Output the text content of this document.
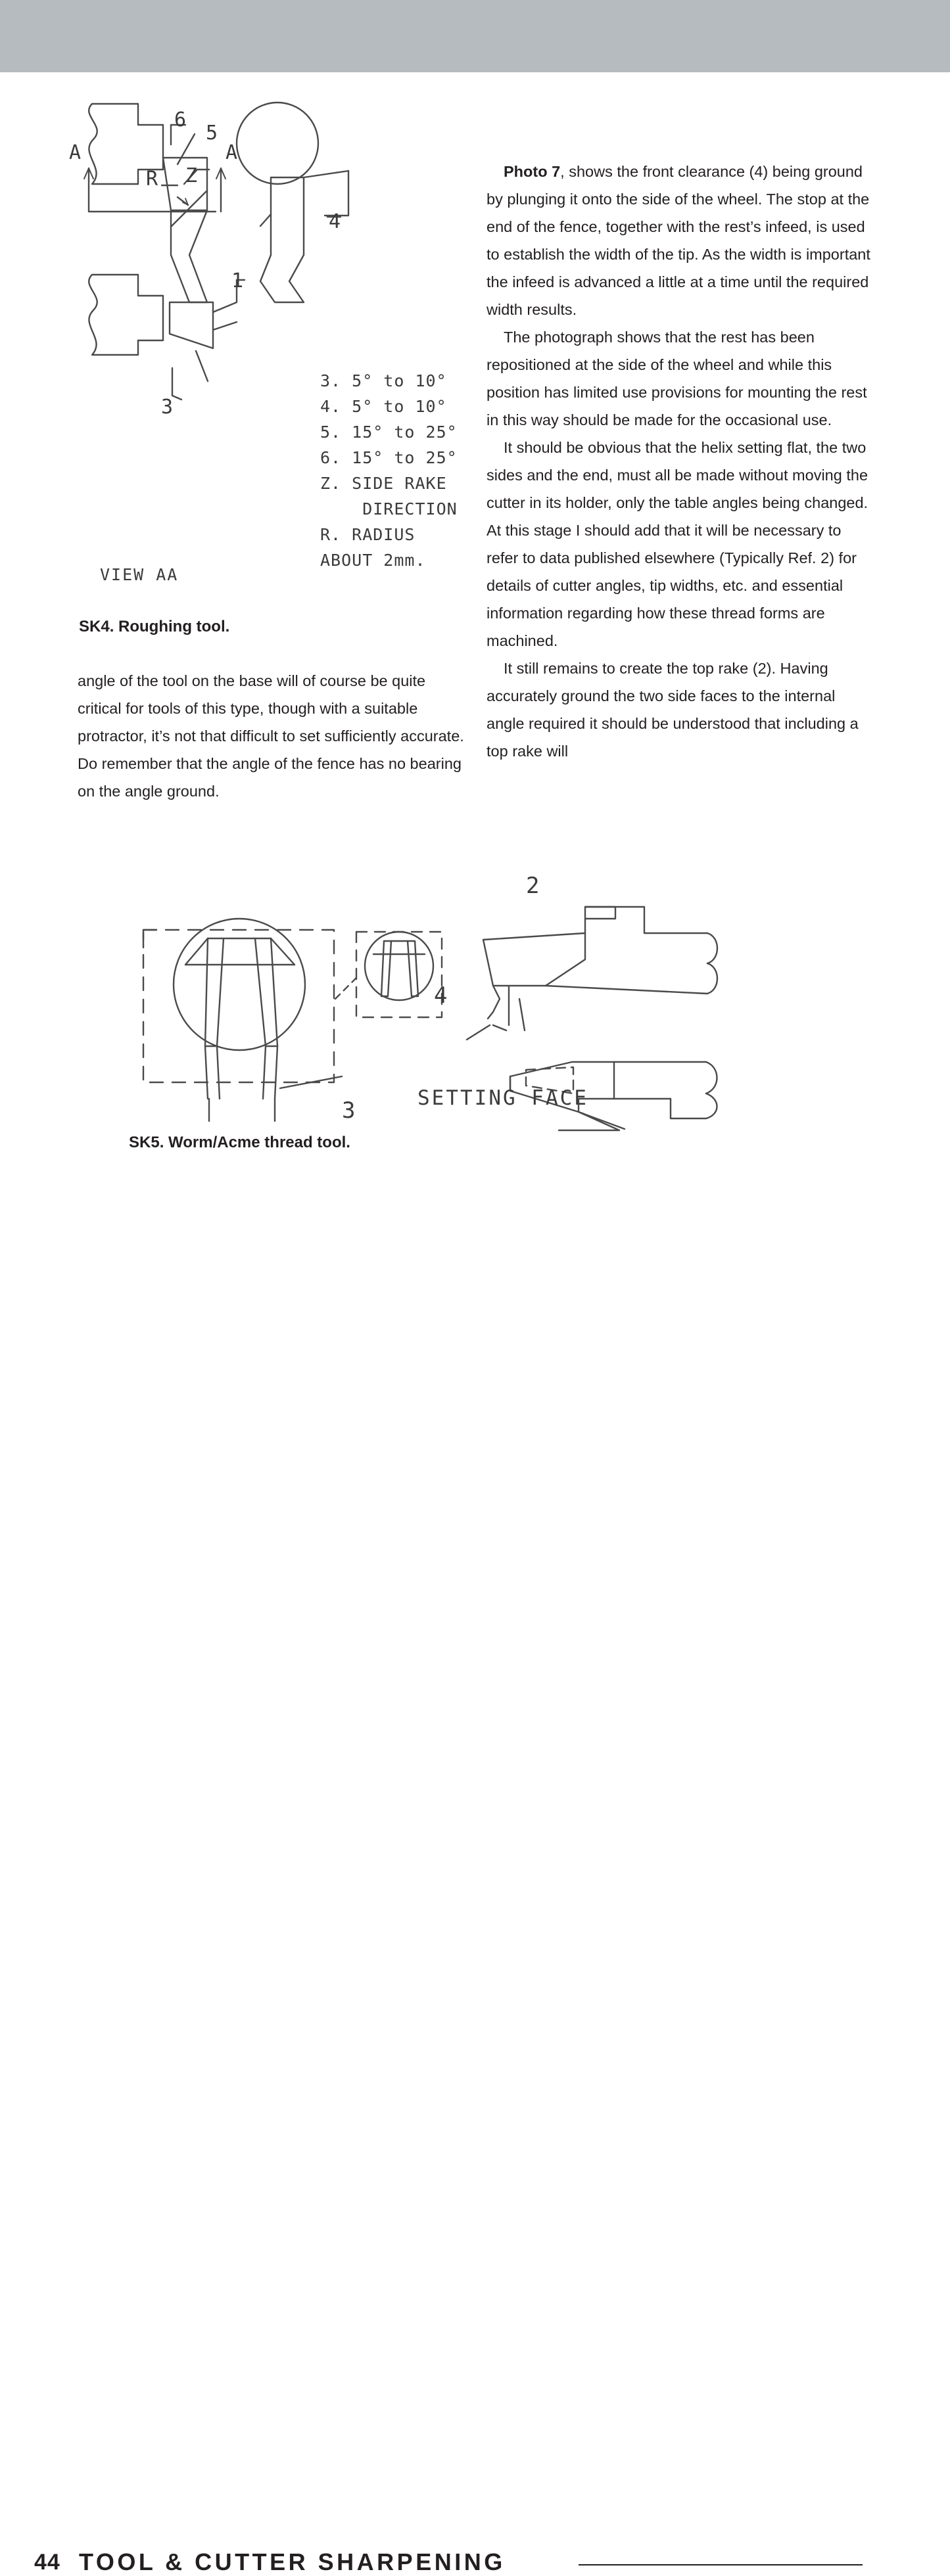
6
5
A	A
R Z
4
1
3
VIEW AA
3. 5° to 10°
4. 5° to 10°
5. 15° to 25°
6. 15° to 25°
Z. SIDE RAKE
DIRECTION
R. RADIUS
ABOUT 2mm.
SK4. Roughing tool.

angle of the tool on the base will of course be quite critical for tools of this type, though with a suitable protractor, it’s not that difficult to set sufficiently accurate. Do remember that the angle of the fence has no bearing on the angle ground.

Photo 7, shows the front clearance (4) being ground by plunging it onto the side of the wheel. The stop at the end of the fence, together with the rest’s infeed, is used to establish the width of the tip. As the width is important the infeed is advanced a little at a time until the required width results.

The photograph shows that the rest has been repositioned at the side of the wheel and while this position has limited use provisions for mounting the rest in this way should be made for the occasional use.

It should be obvious that the helix setting flat, the two sides and the end, must all be made without moving the cutter in its holder, only the table angles being changed. At this stage I should add that it will be necessary to refer to data published elsewhere (Typically Ref. 2) for details of cutter angles, tip widths, etc. and essential information regarding how these thread forms are machined.

It still remains to create the top rake (2). Having accurately ground the two side faces to the internal angle required it should be understood that including a top rake will

2
4
3	SETTING FACE
SK5. Worm/Acme thread tool.
44 TOOL & CUTTER SHARPENING
